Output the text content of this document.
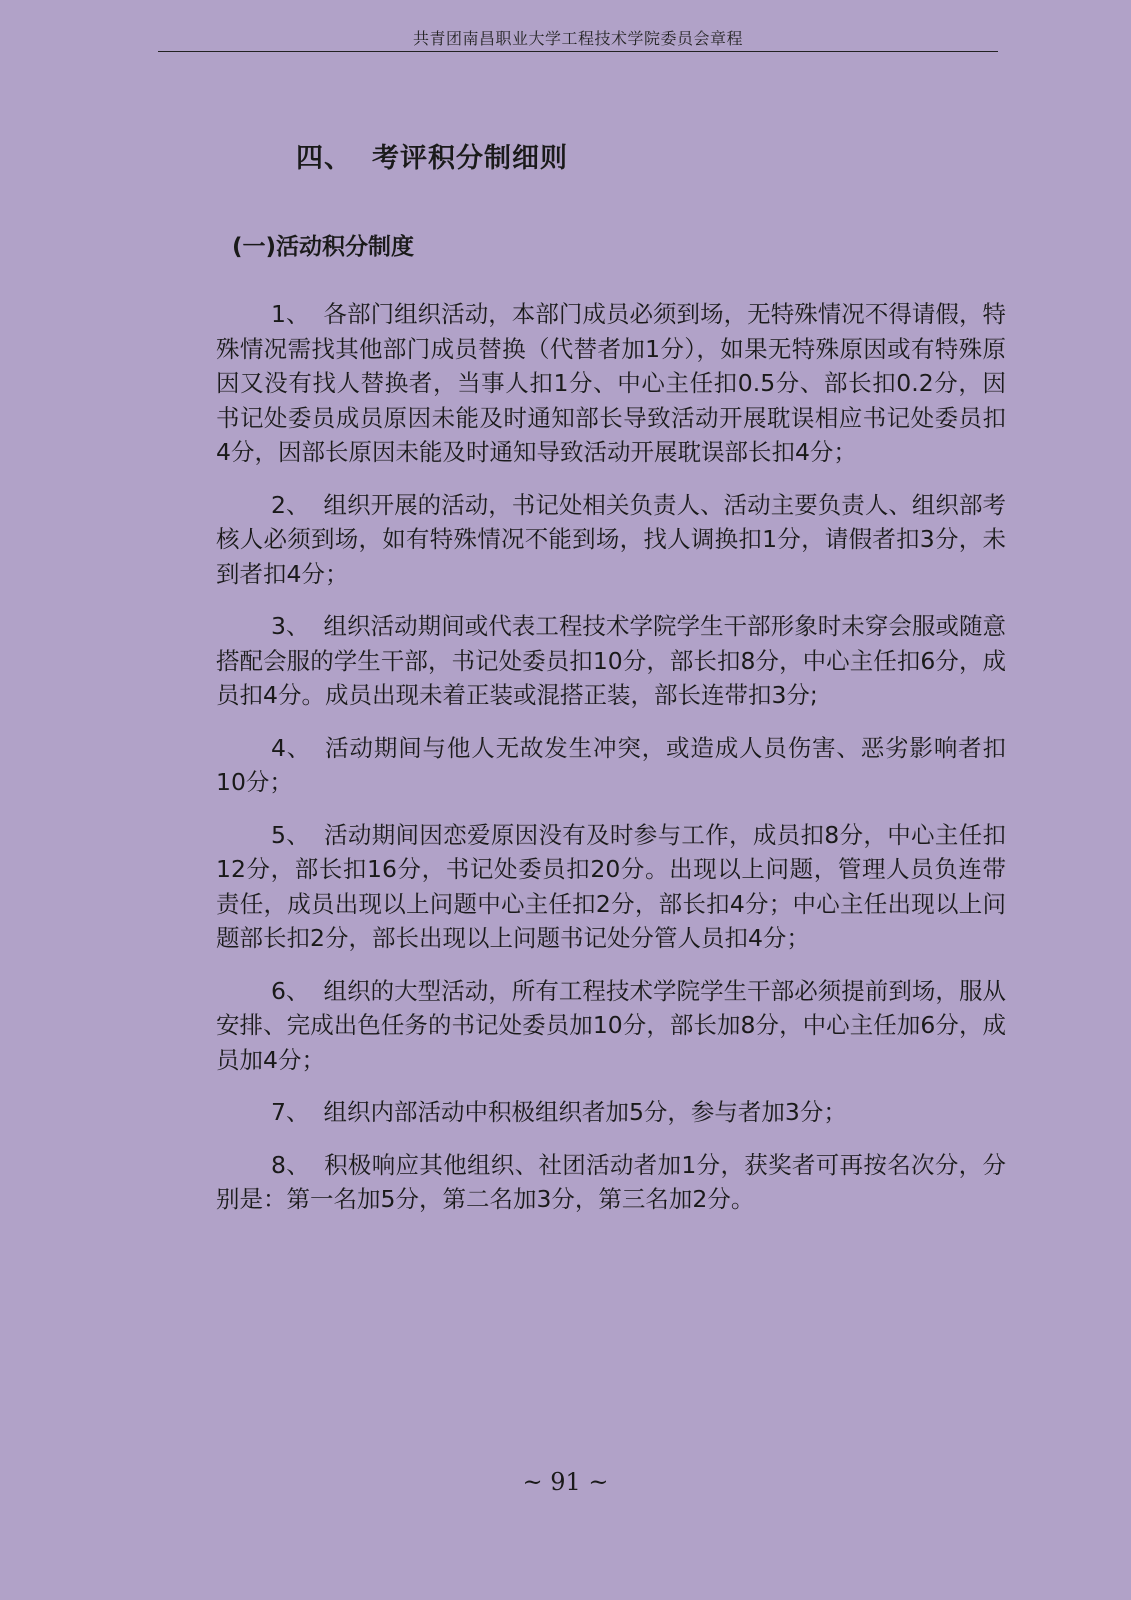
共青团南昌职业大学工程技术学院委员会章程
四、 考评积分制细则
(一)活动积分制度

1、 各部门组织活动，本部门成员必须到场，无特殊情况不得请假，特殊情况需找其他部门成员替换（代替者加1分），如果无特殊原因或有特殊原因又没有找人替换者，当事人扣1分、中心主任扣0.5分、部长扣0.2分，因书记处委员成员原因未能及时通知部长导致活动开展耽误相应书记处委员扣4分，因部长原因未能及时通知导致活动开展耽误部长扣4分；

2、 组织开展的活动，书记处相关负责人、活动主要负责人、组织部考核人必须到场，如有特殊情况不能到场，找人调换扣1分，请假者扣3分，未到者扣4分；

3、 组织活动期间或代表工程技术学院学生干部形象时未穿会服或随意搭配会服的学生干部，书记处委员扣10分，部长扣8分，中心主任扣6分，成员扣4分。成员出现未着正装或混搭正装，部长连带扣3分;

4、 活动期间与他人无故发生冲突，或造成人员伤害、恶劣影响者扣10分；

5、 活动期间因恋爱原因没有及时参与工作，成员扣8分，中心主任扣12分，部长扣16分，书记处委员扣20分。出现以上问题，管理人员负连带责任，成员出现以上问题中心主任扣2分，部长扣4分；中心主任出现以上问题部长扣2分，部长出现以上问题书记处分管人员扣4分；

6、 组织的大型活动，所有工程技术学院学生干部必须提前到场，服从安排、完成出色任务的书记处委员加10分，部长加8分，中心主任加6分，成员加4分；

7、 组织内部活动中积极组织者加5分，参与者加3分；

8、 积极响应其他组织、社团活动者加1分，获奖者可再按名次分，分别是：第一名加5分，第二名加3分，第三名加2分。

~ 91 ~
